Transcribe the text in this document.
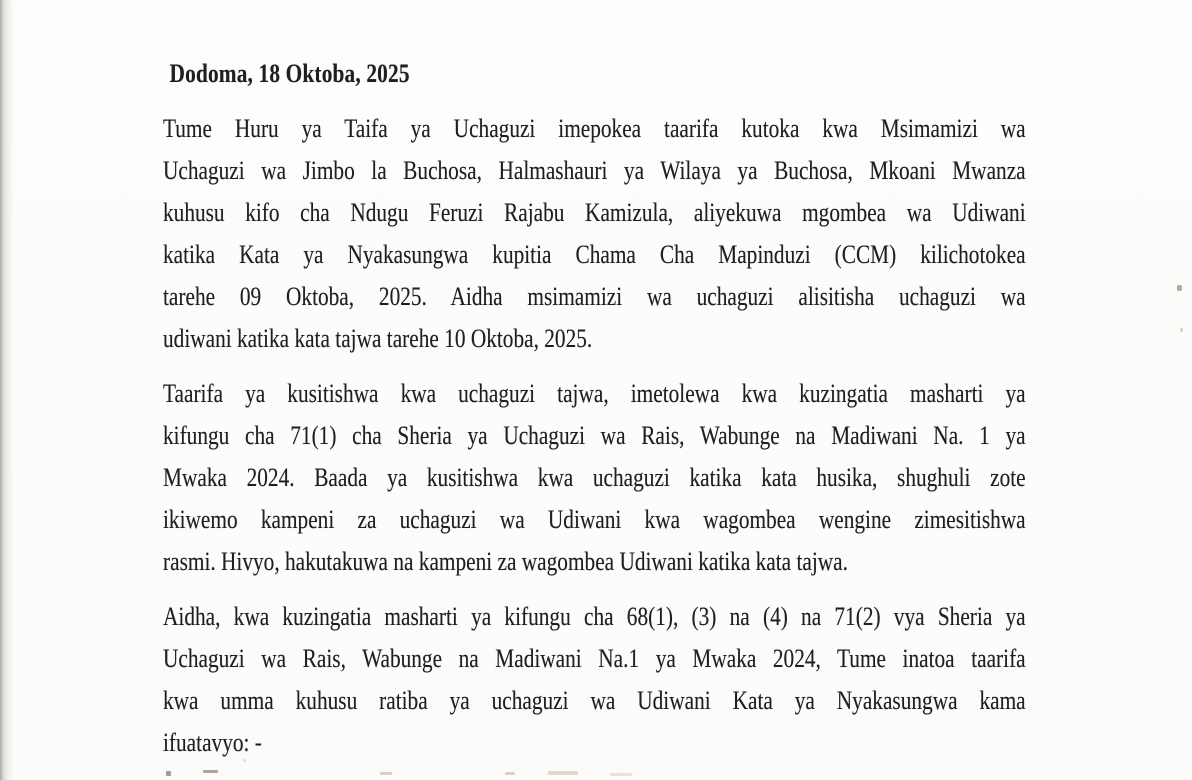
Dodoma, 18 Oktoba, 2025

Tume Huru ya Taifa ya Uchaguzi imepokea taarifa kutoka kwa Msimamizi wa
Uchaguzi wa Jimbo la Buchosa, Halmashauri ya Wilaya ya Buchosa, Mkoani Mwanza
kuhusu kifo cha Ndugu Feruzi Rajabu Kamizula, aliyekuwa mgombea wa Udiwani
katika Kata ya Nyakasungwa kupitia Chama Cha Mapinduzi (CCM) kilichotokea
tarehe 09 Oktoba, 2025. Aidha msimamizi wa uchaguzi alisitisha uchaguzi wa
udiwani katika kata tajwa tarehe 10 Oktoba, 2025.

Taarifa ya kusitishwa kwa uchaguzi tajwa, imetolewa kwa kuzingatia masharti ya
kifungu cha 71(1) cha Sheria ya Uchaguzi wa Rais, Wabunge na Madiwani Na. 1 ya
Mwaka 2024. Baada ya kusitishwa kwa uchaguzi katika kata husika, shughuli zote
ikiwemo kampeni za uchaguzi wa Udiwani kwa wagombea wengine zimesitishwa
rasmi. Hivyo, hakutakuwa na kampeni za wagombea Udiwani katika kata tajwa.

Aidha, kwa kuzingatia masharti ya kifungu cha 68(1), (3) na (4) na 71(2) vya Sheria ya
Uchaguzi wa Rais, Wabunge na Madiwani Na.1 ya Mwaka 2024, Tume inatoa taarifa
kwa umma kuhusu ratiba ya uchaguzi wa Udiwani Kata ya Nyakasungwa kama
ifuatavyo: -
